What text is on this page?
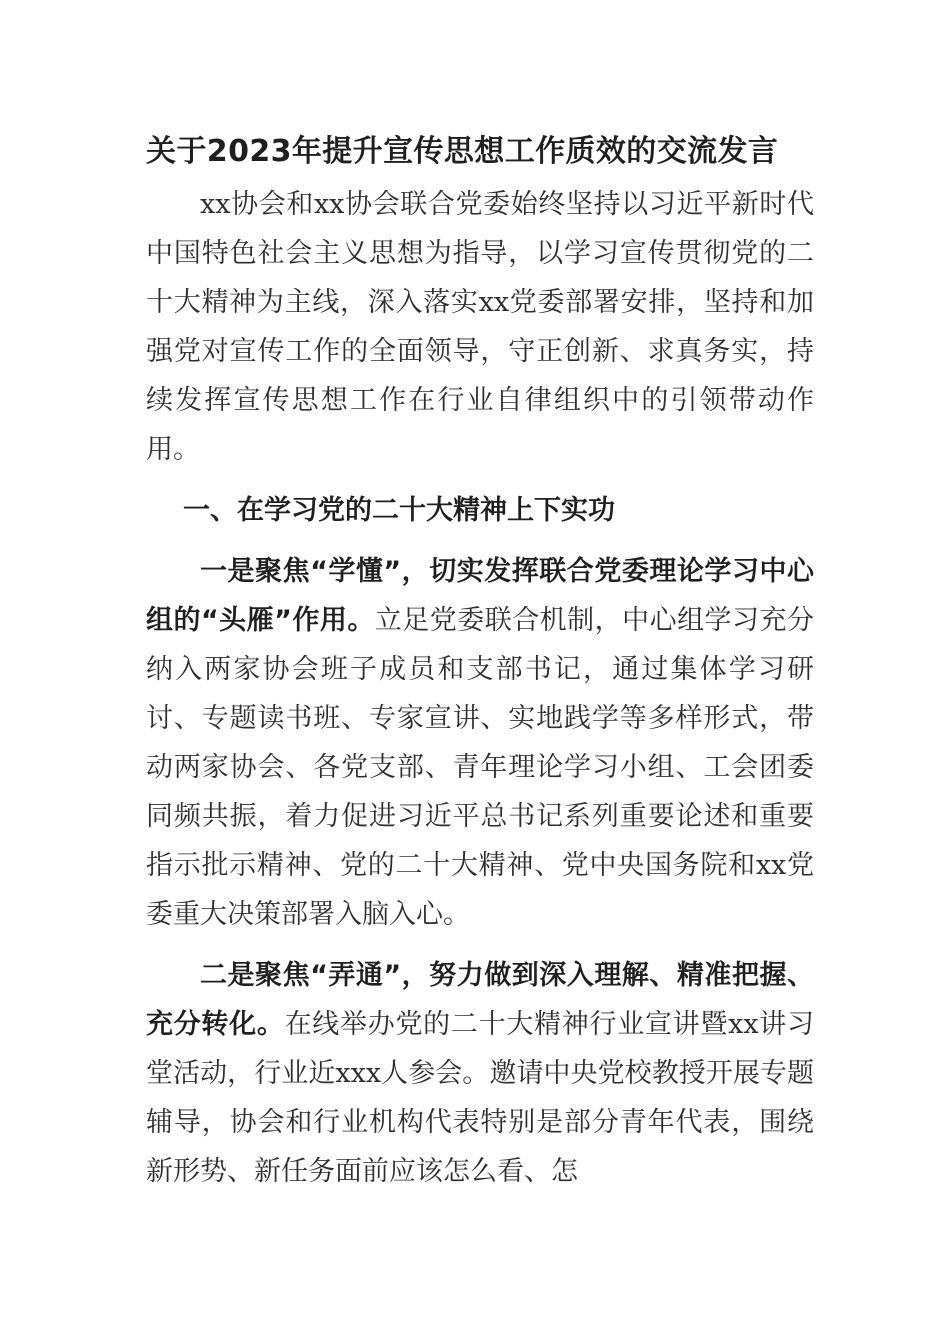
关于2023年提升宣传思想工作质效的交流发言

xx协会和xx协会联合党委始终坚持以习近平新时代中国特色社会主义思想为指导，以学习宣传贯彻党的二十大精神为主线，深入落实xx党委部署安排，坚持和加强党对宣传工作的全面领导，守正创新、求真务实，持续发挥宣传思想工作在行业自律组织中的引领带动作用。

一、在学习党的二十大精神上下实功

一是聚焦“学懂”，切实发挥联合党委理论学习中心组的“头雁”作用。立足党委联合机制，中心组学习充分纳入两家协会班子成员和支部书记，通过集体学习研讨、专题读书班、专家宣讲、实地践学等多样形式，带动两家协会、各党支部、青年理论学习小组、工会团委同频共振，着力促进习近平总书记系列重要论述和重要指示批示精神、党的二十大精神、党中央国务院和xx党委重大决策部署入脑入心。

二是聚焦“弄通”，努力做到深入理解、精准把握、充分转化。在线举办党的二十大精神行业宣讲暨xx讲习堂活动，行业近xxx人参会。邀请中央党校教授开展专题辅导，协会和行业机构代表特别是部分青年代表，围绕新形势、新任务面前应该怎么看、怎
